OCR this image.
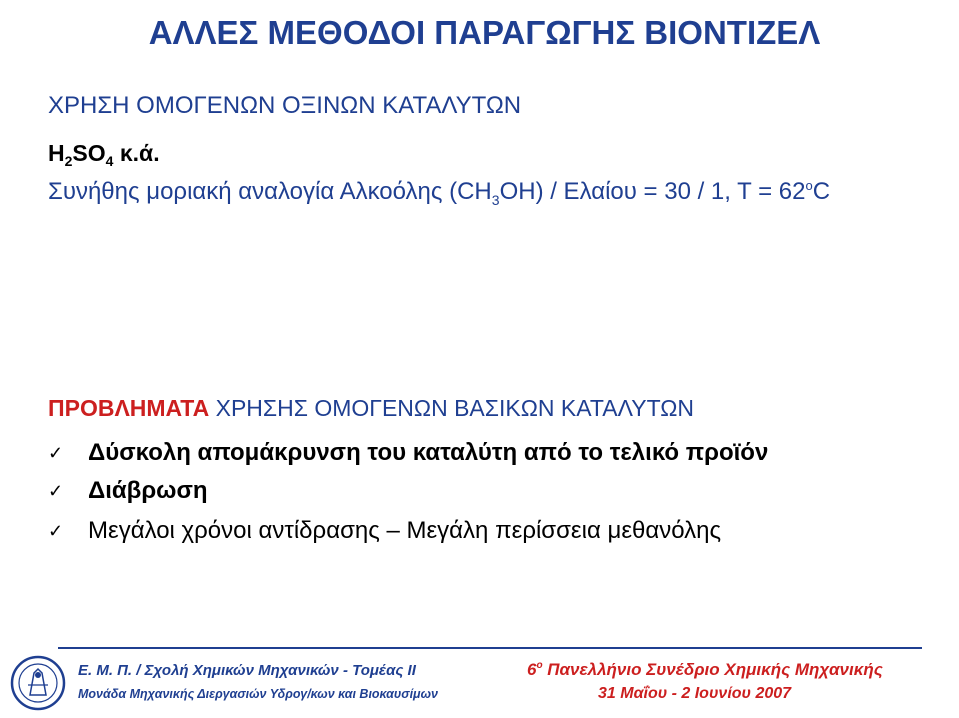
ΑΛΛΕΣ ΜΕΘΟΔΟΙ ΠΑΡΑΓΩΓΗΣ ΒΙΟΝΤΙΖΕΛ
ΧΡΗΣΗ ΟΜΟΓΕΝΩΝ ΟΞΙΝΩΝ ΚΑΤΑΛΥΤΩΝ
$H_2SO_4$ κ.ά.
Συνήθης μοριακή αναλογία Αλκοόλης $(CH_3OH) / E\lambda\alpha ίo\upsilon = 30 / 1$, $T = 62^oC$
ΠΡΟΒΛΗΜΑΤΑ ΧΡΗΣΗΣ ΟΜΟΓΕΝΩΝ ΒΑΣΙΚΩΝ ΚΑΤΑΛΥΤΩΝ
✓	Δύσκολη απομάκρυνση του καταλύτη από το τελικό προϊόν
✓	Διάβρωση
✓	Μεγάλοι χρόνοι αντίδρασης – Μεγάλη περίσσεια μεθανόλης
Ε. Μ. Π. / Σχολή Χημικών Μηχανικών - Τομέας ΙΙ
Μονάδα Μηχανικής Διεργασιών Υδρογ/κων και Βιοκαυσίμων
$6^o$ Πανελλήνιο Συνέδριο Χημικής Μηχανικής
31 Μαΐου - 2 Ιουνίου 2007
